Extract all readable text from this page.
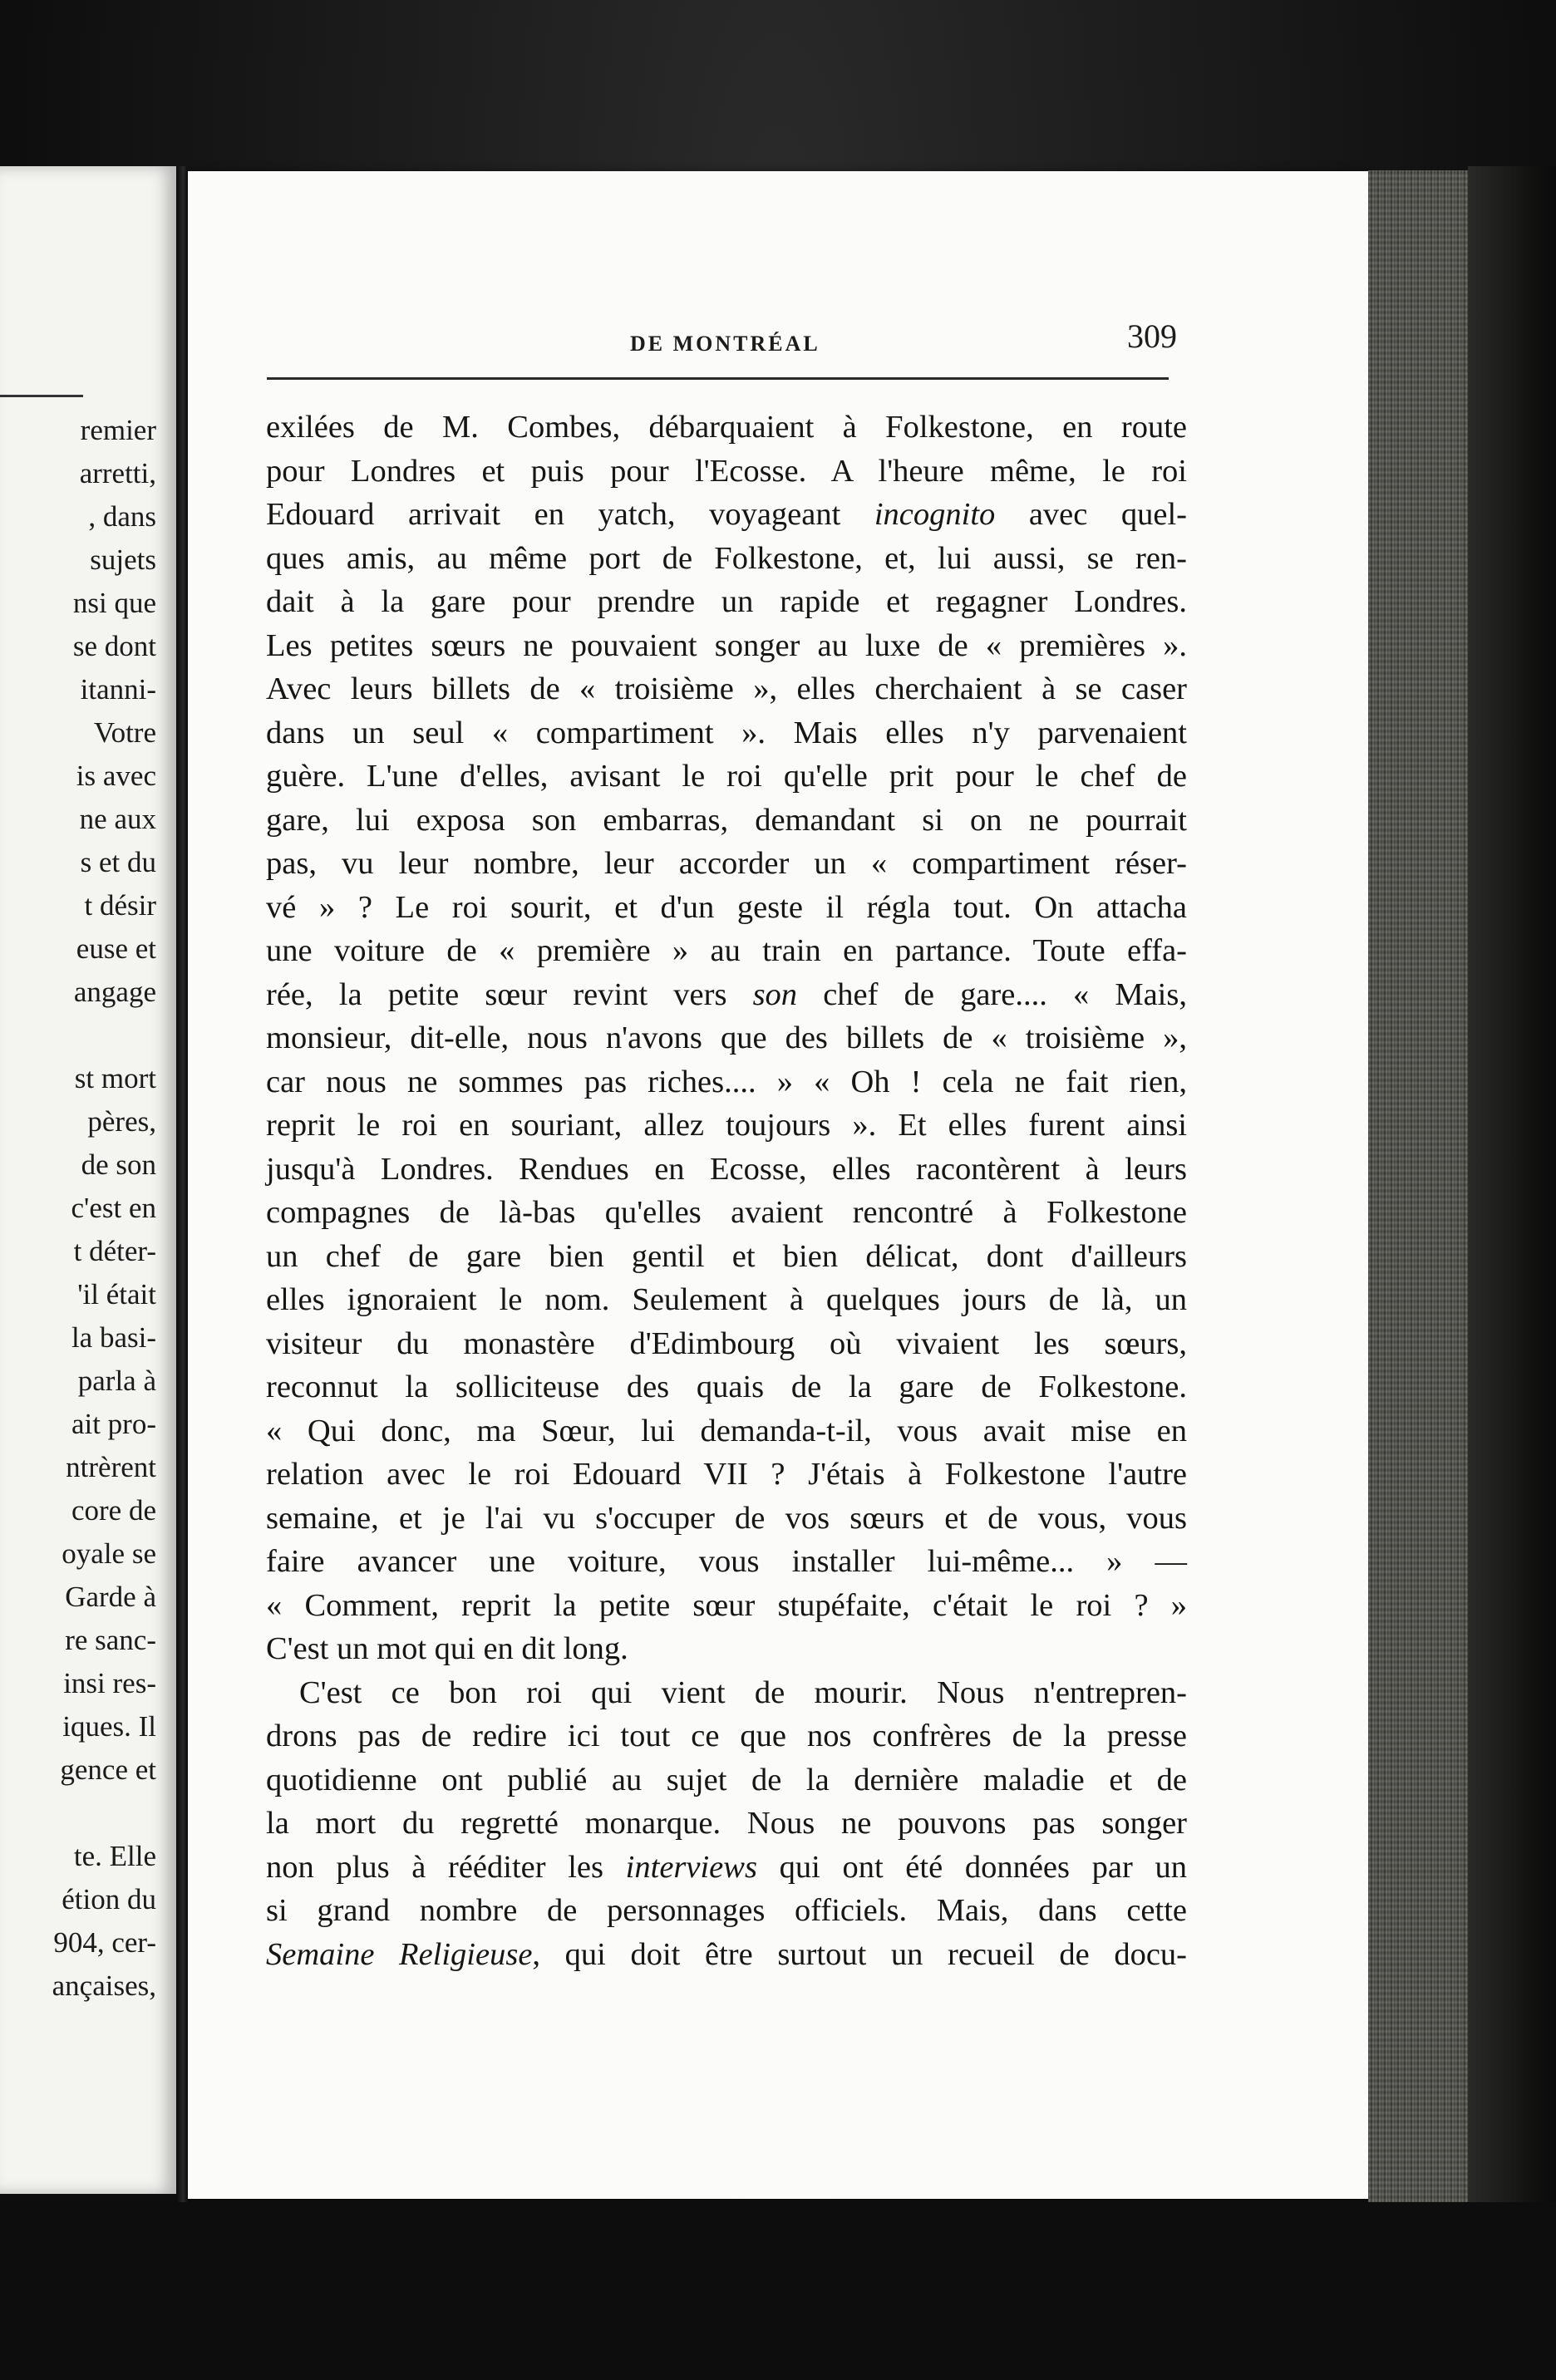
remier
arretti,
, dans
sujets
nsi que
se dont
itanni-
Votre
is avec
ne aux
s et du
t désir
euse et
angage
st mort
pères,
de son
c'est en
t déter-
'il était
la basi-
parla à
ait pro-
ntrèrent
core de
oyale se
Garde à
re sanc-
insi res-
iques. Il
gence et
te. Elle
étion du
904, cer-
ançaises,
DE MONTRÉAL	309
exilées de M. Combes, débarquaient à Folkestone, en route
pour Londres et puis pour l'Ecosse. A l'heure même, le roi
Edouard arrivait en yatch, voyageant incognito avec quel-
ques amis, au même port de Folkestone, et, lui aussi, se ren-
dait à la gare pour prendre un rapide et regagner Londres.
Les petites sœurs ne pouvaient songer au luxe de « premières ».
Avec leurs billets de « troisième », elles cherchaient à se caser
dans un seul « compartiment ». Mais elles n'y parvenaient
guère. L'une d'elles, avisant le roi qu'elle prit pour le chef de
gare, lui exposa son embarras, demandant si on ne pourrait
pas, vu leur nombre, leur accorder un « compartiment réser-
vé » ? Le roi sourit, et d'un geste il régla tout. On attacha
une voiture de « première » au train en partance. Toute effa-
rée, la petite sœur revint vers son chef de gare.... « Mais,
monsieur, dit-elle, nous n'avons que des billets de « troisième »,
car nous ne sommes pas riches.... » « Oh ! cela ne fait rien,
reprit le roi en souriant, allez toujours ». Et elles furent ainsi
jusqu'à Londres. Rendues en Ecosse, elles racontèrent à leurs
compagnes de là-bas qu'elles avaient rencontré à Folkestone
un chef de gare bien gentil et bien délicat, dont d'ailleurs
elles ignoraient le nom. Seulement à quelques jours de là, un
visiteur du monastère d'Edimbourg où vivaient les sœurs,
reconnut la solliciteuse des quais de la gare de Folkestone.
« Qui donc, ma Sœur, lui demanda-t-il, vous avait mise en
relation avec le roi Edouard VII ? J'étais à Folkestone l'autre
semaine, et je l'ai vu s'occuper de vos sœurs et de vous, vous
faire avancer une voiture, vous installer lui-même... » —
« Comment, reprit la petite sœur stupéfaite, c'était le roi ? »
C'est un mot qui en dit long.
C'est ce bon roi qui vient de mourir. Nous n'entrepren-
drons pas de redire ici tout ce que nos confrères de la presse
quotidienne ont publié au sujet de la dernière maladie et de
la mort du regretté monarque. Nous ne pouvons pas songer
non plus à rééditer les interviews qui ont été données par un
si grand nombre de personnages officiels. Mais, dans cette
Semaine Religieuse, qui doit être surtout un recueil de docu-
